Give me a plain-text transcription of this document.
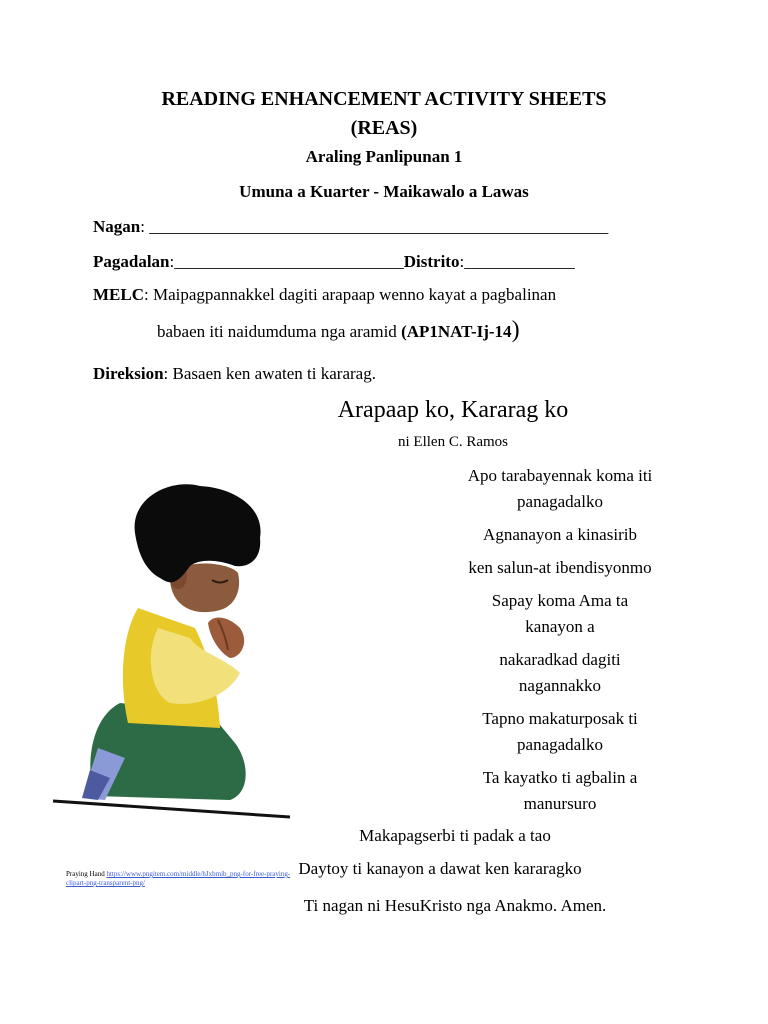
READING ENHANCEMENT ACTIVITY SHEETS
(REAS)
Araling Panlipunan 1
Umuna a Kuarter - Maikawalo a Lawas
Nagan: ______________________________________________________
Pagadalan:___________________________Distrito:_____________
MELC: Maipagpannakkel dagiti arapaap wenno kayat a pagbalinan
babaen iti naidumduma nga aramid (AP1NAT-Ij-14)
Direksion: Basaen ken awaten ti kararag.
Arapaap ko, Kararag ko
ni Ellen C. Ramos
Apo tarabayennak koma iti
panagadalko
Agnanayon a kinasirib
ken salun-at ibendisyonmo
Sapay koma Ama ta
kanayon a
nakaradkad dagiti
nagannakko
Tapno makaturposak ti
panagadalko
Ta kayatko ti agbalin a
manursuro
Makapagserbi ti padak a tao
Daytoy ti kanayon a dawat ken kararagko
Ti nagan ni HesuKristo nga Anakmo. Amen.
Praying Hand https://www.pngitem.com/middle/hJxbmib_png-for-free-praying-
clipart-png-transparent-png/
